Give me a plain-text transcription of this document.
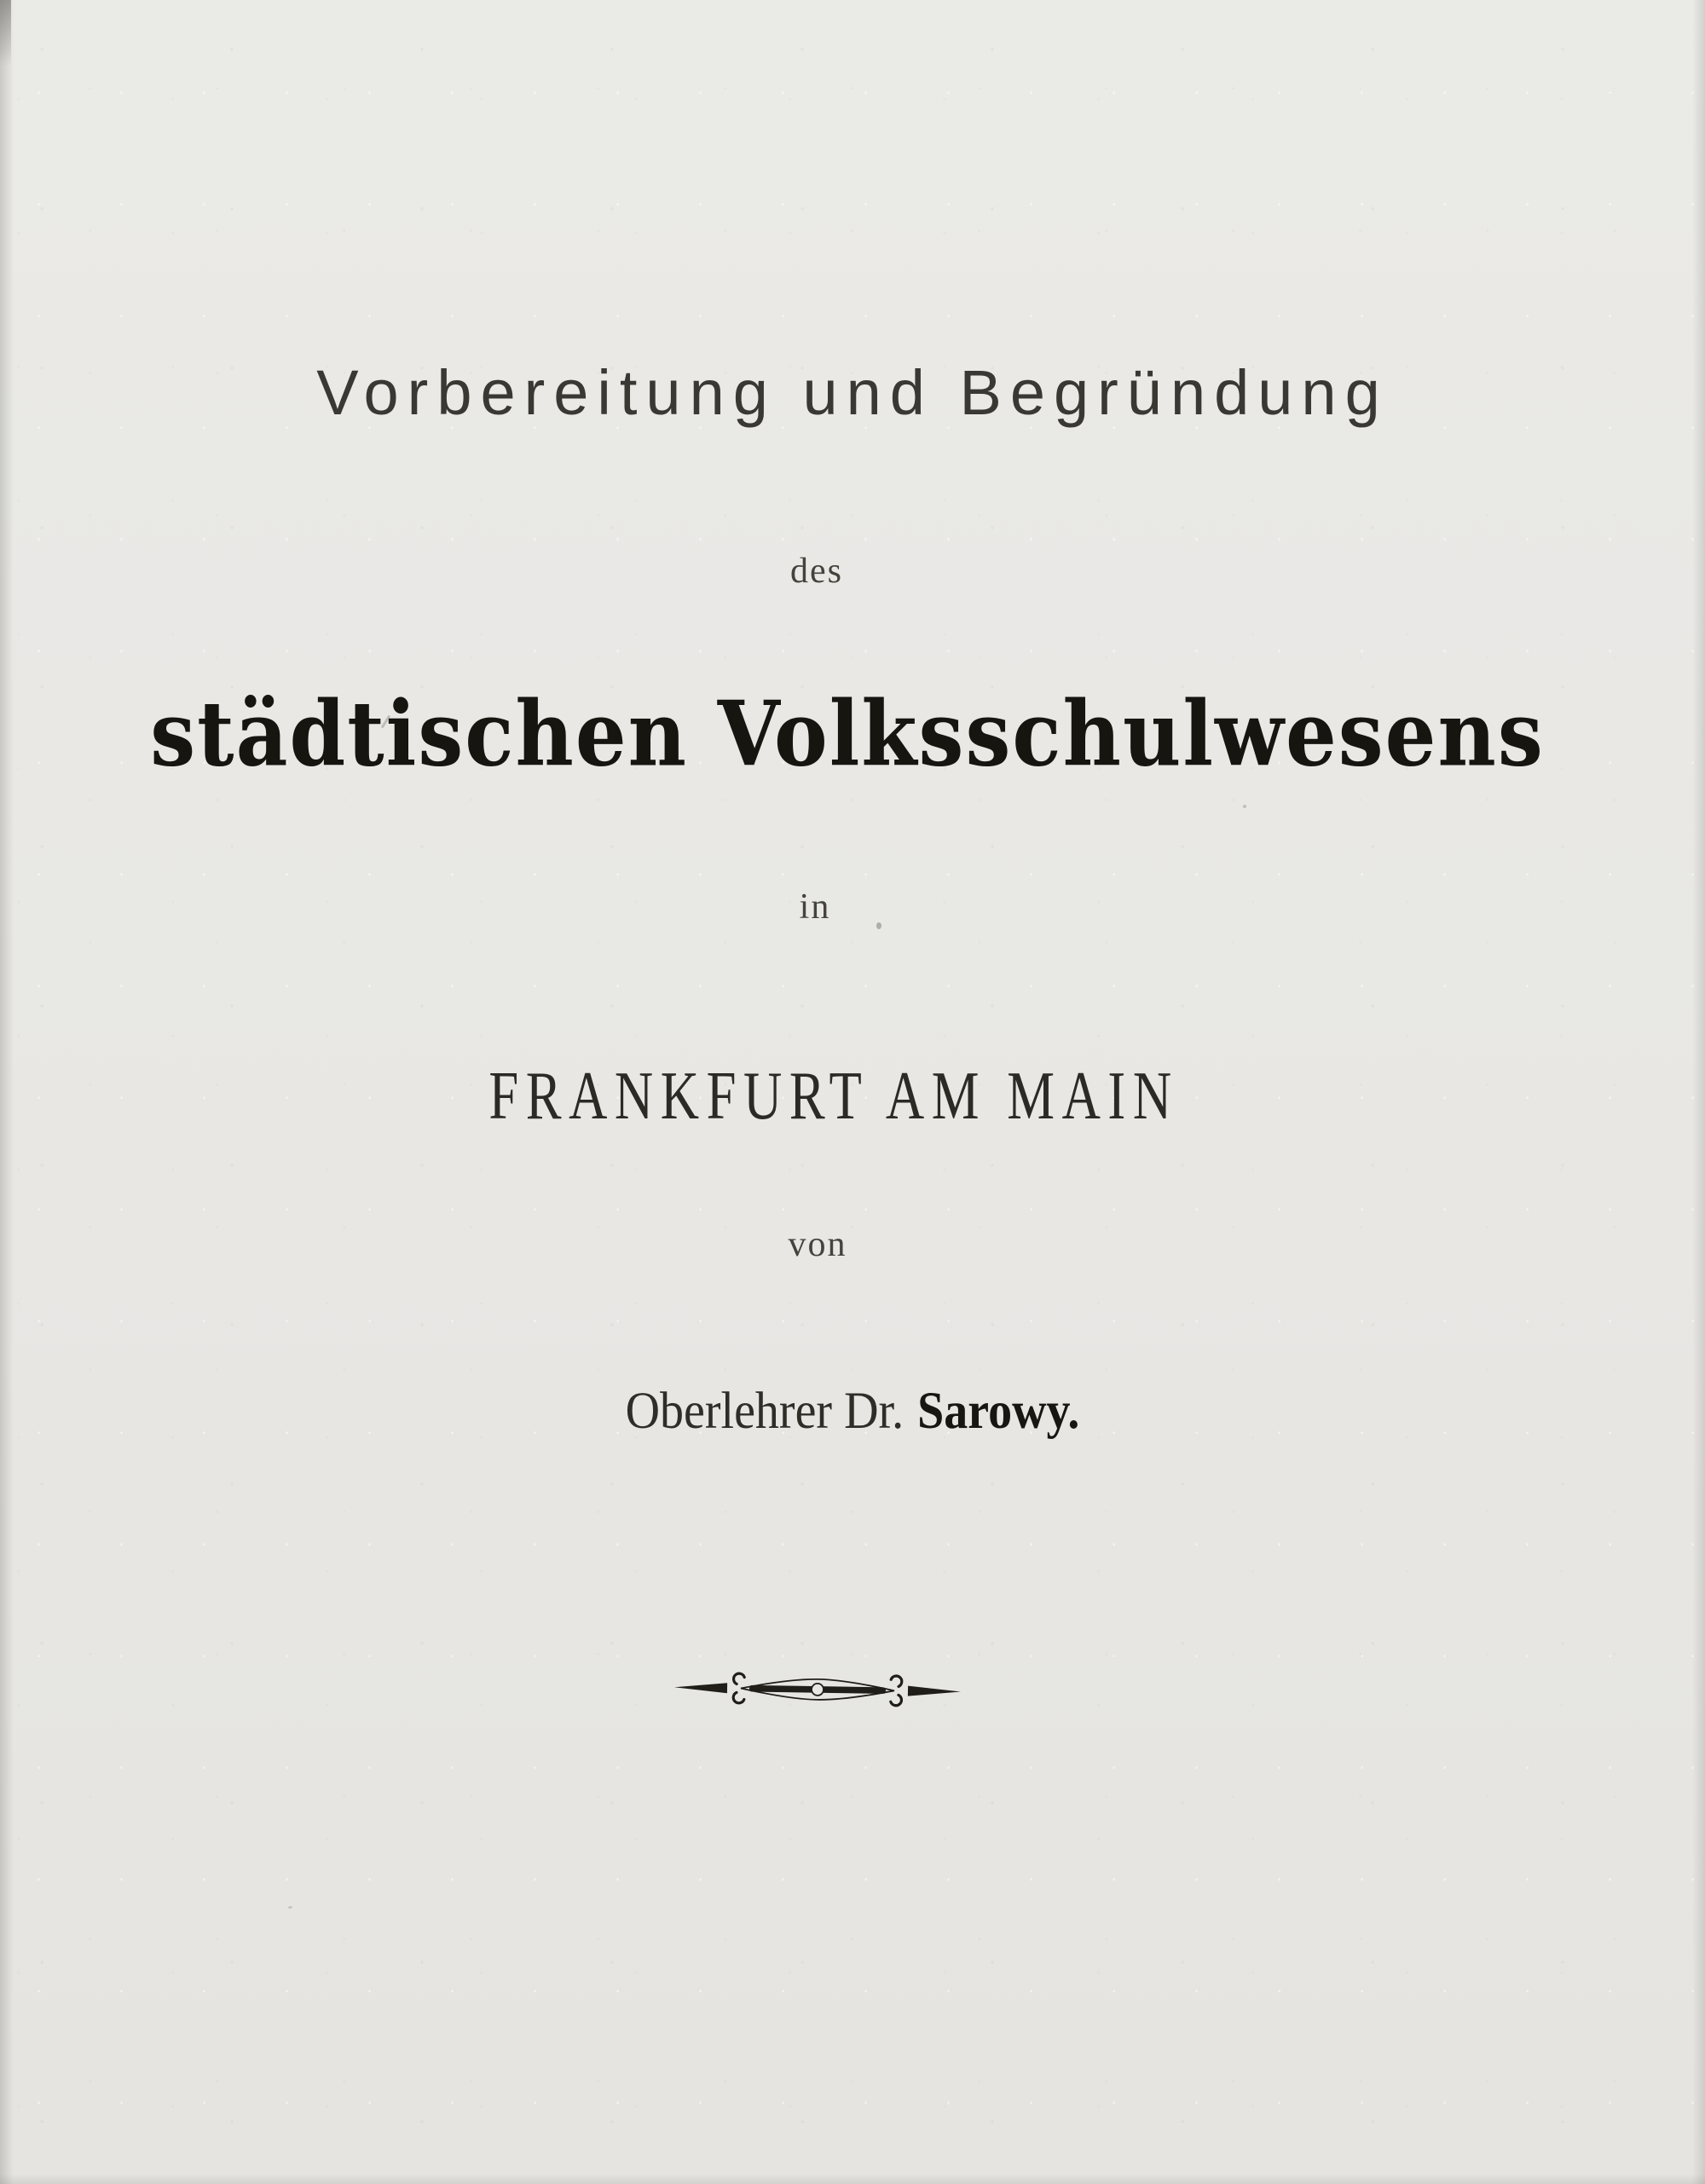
Vorbereitung und Begründung
des
städtischen Volksschulwesens
in
FRANKFURT AM MAIN
von
Oberlehrer Dr. Sarowy.
